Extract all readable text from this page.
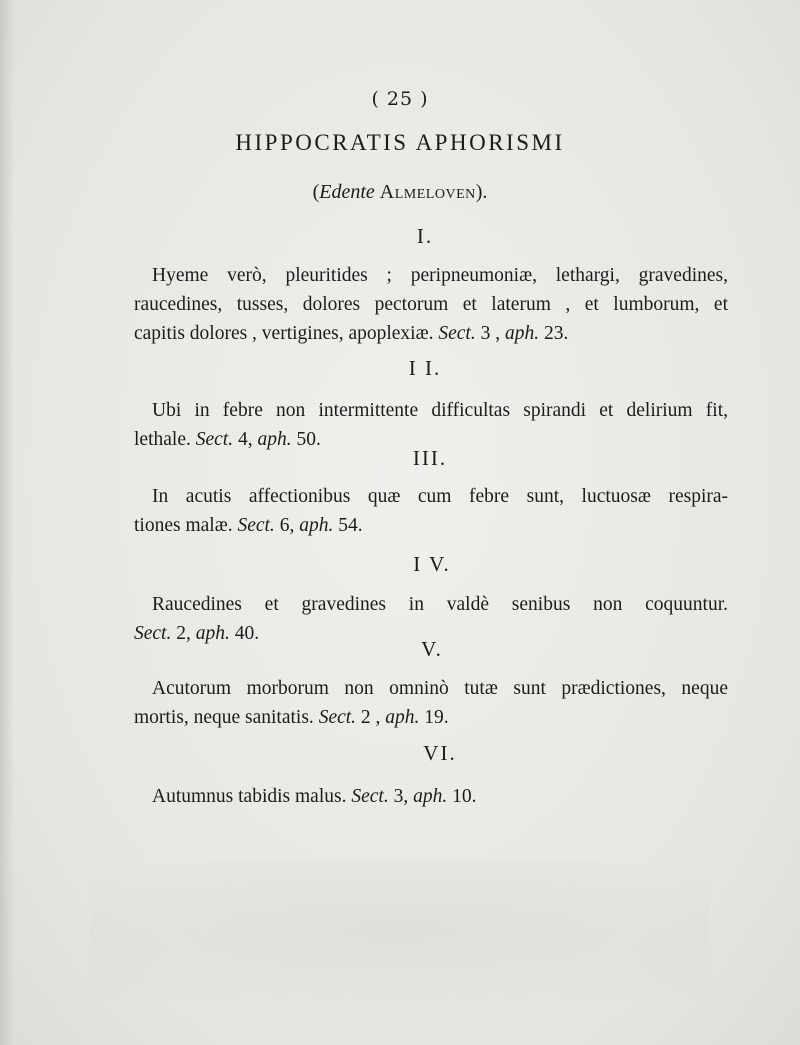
( 25 )
HIPPOCRATIS APHORISMI
(Edente Almeloven).
I.
Hyeme verò, pleuritides ; peripneumoniæ, lethargi, gravedines,
raucedines, tusses, dolores pectorum et laterum , et lumborum, et
capitis dolores , vertigines, apoplexiæ. Sect. 3 , aph. 23.
I I.
Ubi in febre non intermittente difficultas spirandi et delirium fit,
lethale. Sect. 4, aph. 50.
III.
In acutis affectionibus quæ cum febre sunt, luctuosæ respira-
tiones malæ. Sect. 6, aph. 54.
I V.
Raucedines et gravedines in valdè senibus non coquuntur.
Sect. 2, aph. 40.
V.
Acutorum morborum non omninò tutæ sunt prædictiones, neque
mortis, neque sanitatis. Sect. 2 , aph. 19.
VI.
Autumnus tabidis malus. Sect. 3, aph. 10.
